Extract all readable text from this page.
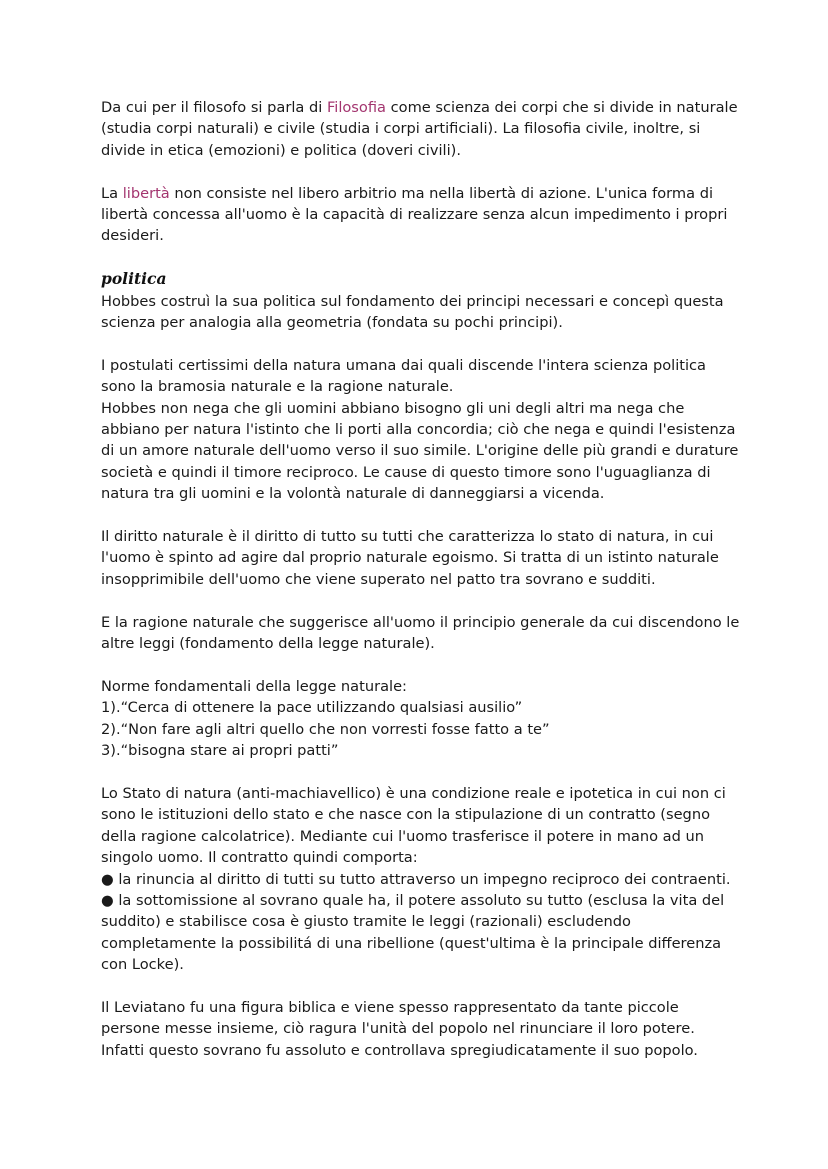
Da cui per il filosofo si parla di Filosofia come scienza dei corpi che si divide in naturale (studia corpi naturali) e civile (studia i corpi artificiali). La filosofia civile, inoltre, si divide in etica (emozioni) e politica (doveri civili).

La libertà non consiste nel libero arbitrio ma nella libertà di azione. L'unica forma di libertà concessa all'uomo è la capacità di realizzare senza alcun impedimento i propri desideri.

politica

Hobbes costruì la sua politica sul fondamento dei principi necessari e concepì questa scienza per analogia alla geometria (fondata su pochi principi).

I postulati certissimi della natura umana dai quali discende l'intera scienza politica sono la bramosia naturale e la ragione naturale.

Hobbes non nega che gli uomini abbiano bisogno gli uni degli altri ma nega che abbiano per natura l'istinto che li porti alla concordia; ciò che nega e quindi l'esistenza di un amore naturale dell'uomo verso il suo simile. L'origine delle più grandi e durature società e quindi il timore reciproco. Le cause di questo timore sono l'uguaglianza di natura tra gli uomini e la volontà naturale di danneggiarsi a vicenda.

Il diritto naturale è il diritto di tutto su tutti che caratterizza lo stato di natura, in cui l'uomo è spinto ad agire dal proprio naturale egoismo. Si tratta di un istinto naturale insopprimibile dell'uomo che viene superato nel patto tra sovrano e sudditi.

E la ragione naturale che suggerisce all'uomo il principio generale da cui discendono le altre leggi (fondamento della legge naturale).

Norme fondamentali della legge naturale:
1).“Cerca di ottenere la pace utilizzando qualsiasi ausilio”
2).“Non fare agli altri quello che non vorresti fosse fatto a te”
3).“bisogna stare ai propri patti”

Lo Stato di natura (anti-machiavellico) è una condizione reale e ipotetica in cui non ci sono le istituzioni dello stato e che nasce con la stipulazione di un contratto (segno della ragione calcolatrice). Mediante cui l'uomo trasferisce il potere in mano ad un singolo uomo. Il contratto quindi comporta:
● la rinuncia al diritto di tutti su tutto attraverso un impegno reciproco dei contraenti.
● la sottomissione al sovrano quale ha, il potere assoluto su tutto (esclusa la vita del suddito) e stabilisce cosa è giusto tramite le leggi (razionali) escludendo completamente la possibilitá di una ribellione (quest'ultima è la principale differenza con Locke).

Il Leviatano fu una figura biblica e viene spesso rappresentato da tante piccole persone messe insieme, ciò ragura l'unità del popolo nel rinunciare il loro potere. Infatti questo sovrano fu assoluto e controllava spregiudicatamente il suo popolo.
